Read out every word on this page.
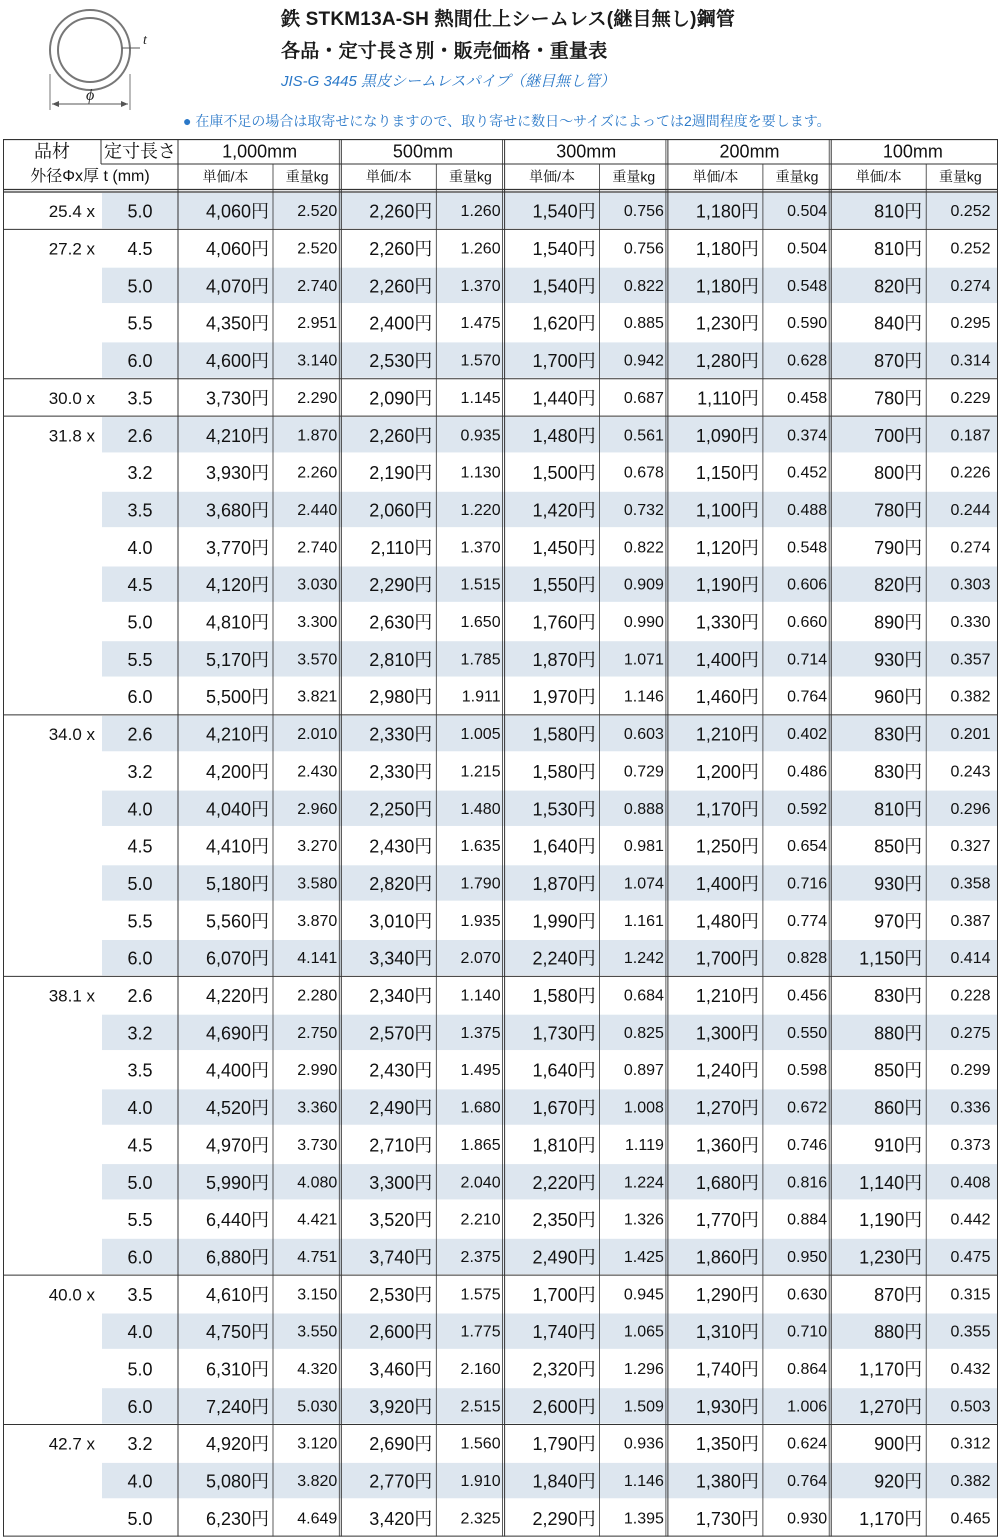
t
ϕ
鉄 STKM13A-SH 熱間仕上シームレス(継目無し)鋼管
各品・定寸長さ別・販売価格・重量表
JIS-G 3445 黒皮シームレスパイプ（継目無し管）
● 在庫不足の場合は取寄せになりますので、取り寄せに数日～サイズによっては2週間程度を要します。
品材 定寸長さ
外径Φx厚 t (mm)
1,000mm
単価/本	重量kg
500mm
単価/本	重量kg
300mm
単価/本	重量kg
200mm
単価/本	重量kg
100mm
単価/本	重量kg
25.4 x 5.0	4,060円 2.520 2,260円 1.260 1,540円 0.756 1,180円 0.504	810円 0.252
27.2 x 4.5	4,060円 2.520 2,260円 1.260 1,540円 0.756 1,180円 0.504	810円 0.252
5.0	4,070円 2.740 2,260円 1.370 1,540円 0.822 1,180円 0.548	820円 0.274
5.5	4,350円 2.951 2,400円 1.475 1,620円 0.885 1,230円 0.590	840円 0.295
6.0	4,600円 3.140 2,530円 1.570 1,700円 0.942 1,280円 0.628	870円 0.314
30.0 x 3.5	3,730円 2.290 2,090円 1.145 1,440円 0.687 1,110円 0.458	780円 0.229
31.8 x 2.6	4,210円 1.870 2,260円 0.935 1,480円 0.561 1,090円 0.374	700円 0.187
3.2	3,930円 2.260 2,190円 1.130 1,500円 0.678 1,150円 0.452	800円 0.226
3.5	3,680円 2.440 2,060円 1.220 1,420円 0.732 1,100円 0.488	780円 0.244
4.0	3,770円 2.740 2,110円 1.370 1,450円 0.822 1,120円 0.548	790円 0.274
4.5	4,120円 3.030 2,290円 1.515 1,550円 0.909 1,190円 0.606	820円 0.303
5.0	4,810円 3.300 2,630円 1.650 1,760円 0.990 1,330円 0.660	890円 0.330
5.5	5,170円 3.570 2,810円 1.785 1,870円 1.071 1,400円 0.714	930円 0.357
6.0	5,500円 3.821 2,980円 1.911 1,970円 1.146 1,460円 0.764	960円 0.382
34.0 x 2.6	4,210円 2.010 2,330円 1.005 1,580円 0.603 1,210円 0.402	830円 0.201
3.2	4,200円 2.430 2,330円 1.215 1,580円 0.729 1,200円 0.486	830円 0.243
4.0	4,040円 2.960 2,250円 1.480 1,530円 0.888 1,170円 0.592	810円 0.296
4.5	4,410円 3.270 2,430円 1.635 1,640円 0.981 1,250円 0.654	850円 0.327
5.0	5,180円 3.580 2,820円 1.790 1,870円 1.074 1,400円 0.716	930円 0.358
5.5	5,560円 3.870 3,010円 1.935 1,990円 1.161 1,480円 0.774	970円 0.387
6.0	6,070円 4.141 3,340円 2.070 2,240円 1.242 1,700円 0.828 1,150円 0.414
38.1 x 2.6	4,220円 2.280 2,340円 1.140 1,580円 0.684 1,210円 0.456	830円 0.228
3.2	4,690円 2.750 2,570円 1.375 1,730円 0.825 1,300円 0.550	880円 0.275
3.5	4,400円 2.990 2,430円 1.495 1,640円 0.897 1,240円 0.598	850円 0.299
4.0	4,520円 3.360 2,490円 1.680 1,670円 1.008 1,270円 0.672	860円 0.336
4.5	4,970円 3.730 2,710円 1.865 1,810円 1.119 1,360円 0.746	910円 0.373
5.0	5,990円 4.080 3,300円 2.040 2,220円 1.224 1,680円 0.816 1,140円 0.408
5.5	6,440円 4.421 3,520円 2.210 2,350円 1.326 1,770円 0.884 1,190円 0.442
6.0	6,880円 4.751 3,740円 2.375 2,490円 1.425 1,860円 0.950 1,230円 0.475
40.0 x 3.5	4,610円 3.150 2,530円 1.575 1,700円 0.945 1,290円 0.630	870円 0.315
4.0	4,750円 3.550 2,600円 1.775 1,740円 1.065 1,310円 0.710	880円 0.355
5.0	6,310円 4.320 3,460円 2.160 2,320円 1.296 1,740円 0.864 1,170円 0.432
6.0	7,240円 5.030 3,920円 2.515 2,600円 1.509 1,930円 1.006 1,270円 0.503
42.7 x 3.2	4,920円 3.120 2,690円 1.560 1,790円 0.936 1,350円 0.624	900円 0.312
4.0	5,080円 3.820 2,770円 1.910 1,840円 1.146 1,380円 0.764	920円 0.382
5.0	6,230円 4.649 3,420円 2.325 2,290円 1.395 1,730円 0.930 1,170円 0.465
